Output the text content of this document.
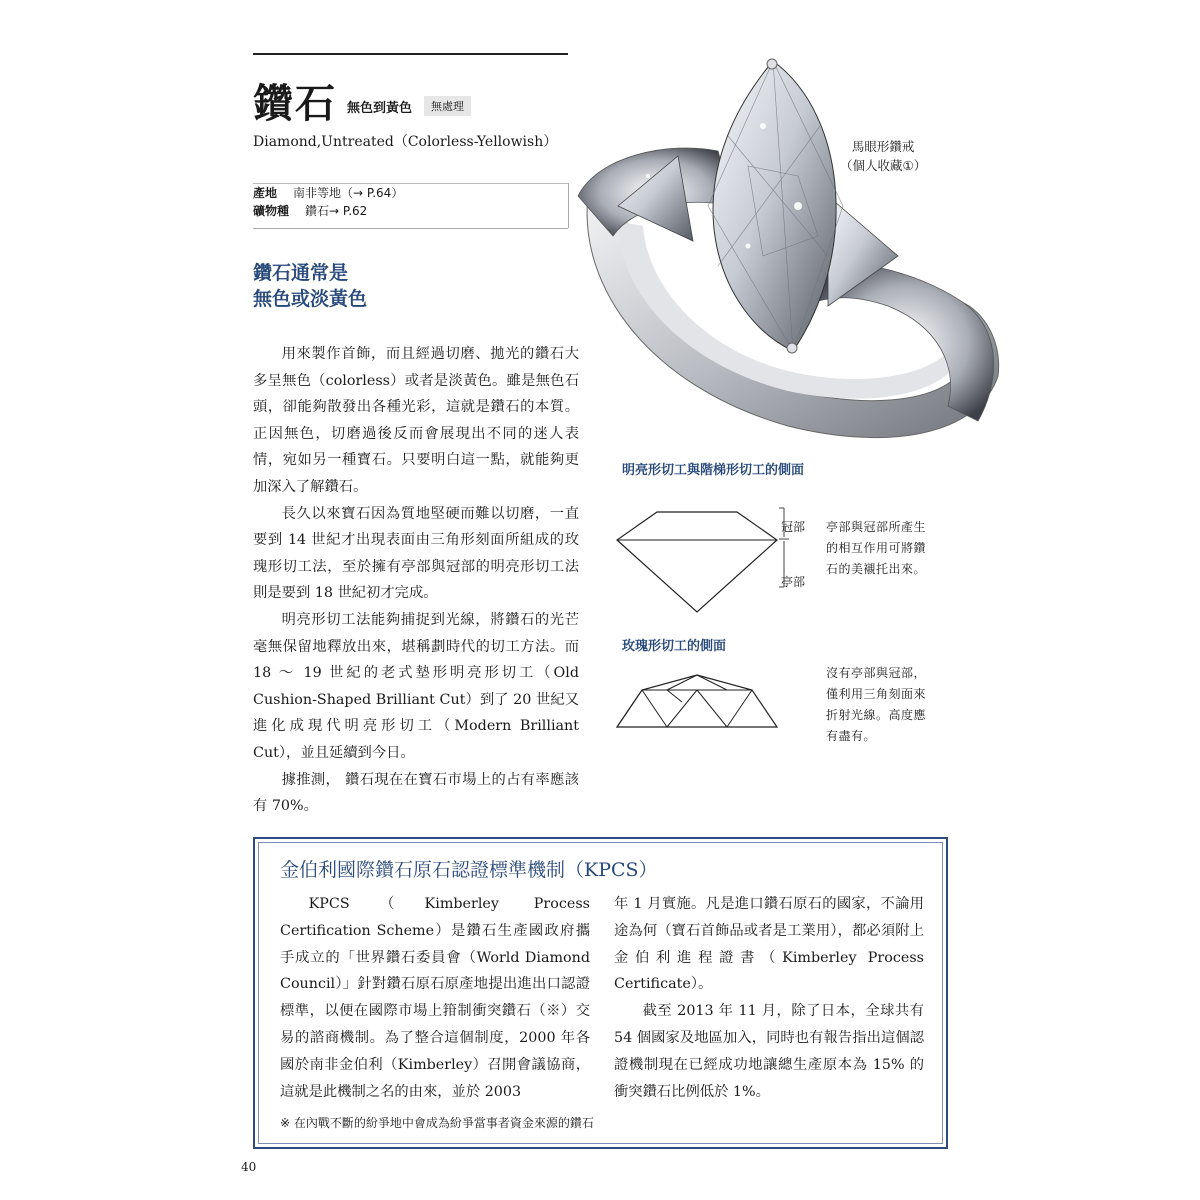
鑽石 無色到黃色	無處理
Diamond,Untreated（Colorless-Yellowish）
產地	南非等地（→ P.64）
礦物種	鑽石→ P.62
鑽石通常是
無色或淡黃色

用來製作首飾，而且經過切磨、拋光的鑽石大多呈無色（colorless）或者是淡黃色。雖是無色石頭，卻能夠散發出各種光彩，這就是鑽石的本質。正因無色，切磨過後反而會展現出不同的迷人表情，宛如另一種寶石。只要明白這一點，就能夠更加深入了解鑽石。

長久以來寶石因為質地堅硬而難以切磨，一直要到 14 世紀才出現表面由三角形刻面所組成的玫瑰形切工法，至於擁有亭部與冠部的明亮形切工法則是要到 18 世紀初才完成。

明亮形切工法能夠捕捉到光線，將鑽石的光芒毫無保留地釋放出來，堪稱劃時代的切工方法。而 18 ～ 19 世紀的老式墊形明亮形切工（Old Cushion-Shaped Brilliant Cut）到了 20 世紀又進化成現代明亮形切工（Modern Brilliant Cut），並且延續到今日。

據推測， 鑽石現在在寶石市場上的占有率應該有 70%。

馬眼形鑽戒
（個人收藏①）
明亮形切工與階梯形切工的側面
冠部
亭部
亭部與冠部所產生
的相互作用可將鑽
石的美襯托出來。
玫瑰形切工的側面
沒有亭部與冠部，
僅利用三角刻面來
折射光線。高度應
有盡有。
金伯利國際鑽石原石認證標準機制（KPCS）

KPCS（Kimberley Process Certification Scheme）是鑽石生產國政府攜手成立的「世界鑽石委員會（World Diamond Council）」針對鑽石原石原產地提出進出口認證標準，以便在國際市場上箝制衝突鑽石（※）交易的諮商機制。為了整合這個制度，2000 年各國於南非金伯利（Kimberley）召開會議協商，這就是此機制之名的由來，並於 2003

年 1 月實施。凡是進口鑽石原石的國家，不論用途為何（寶石首飾品或者是工業用），都必須附上金伯利進程證書（Kimberley Process Certificate）。

截至 2013 年 11 月，除了日本，全球共有 54 個國家及地區加入，同時也有報告指出這個認證機制現在已經成功地讓總生產原本為 15% 的衝突鑽石比例低於 1%。

※ 在內戰不斷的紛爭地中會成為紛爭當事者資金來源的鑽石
40
